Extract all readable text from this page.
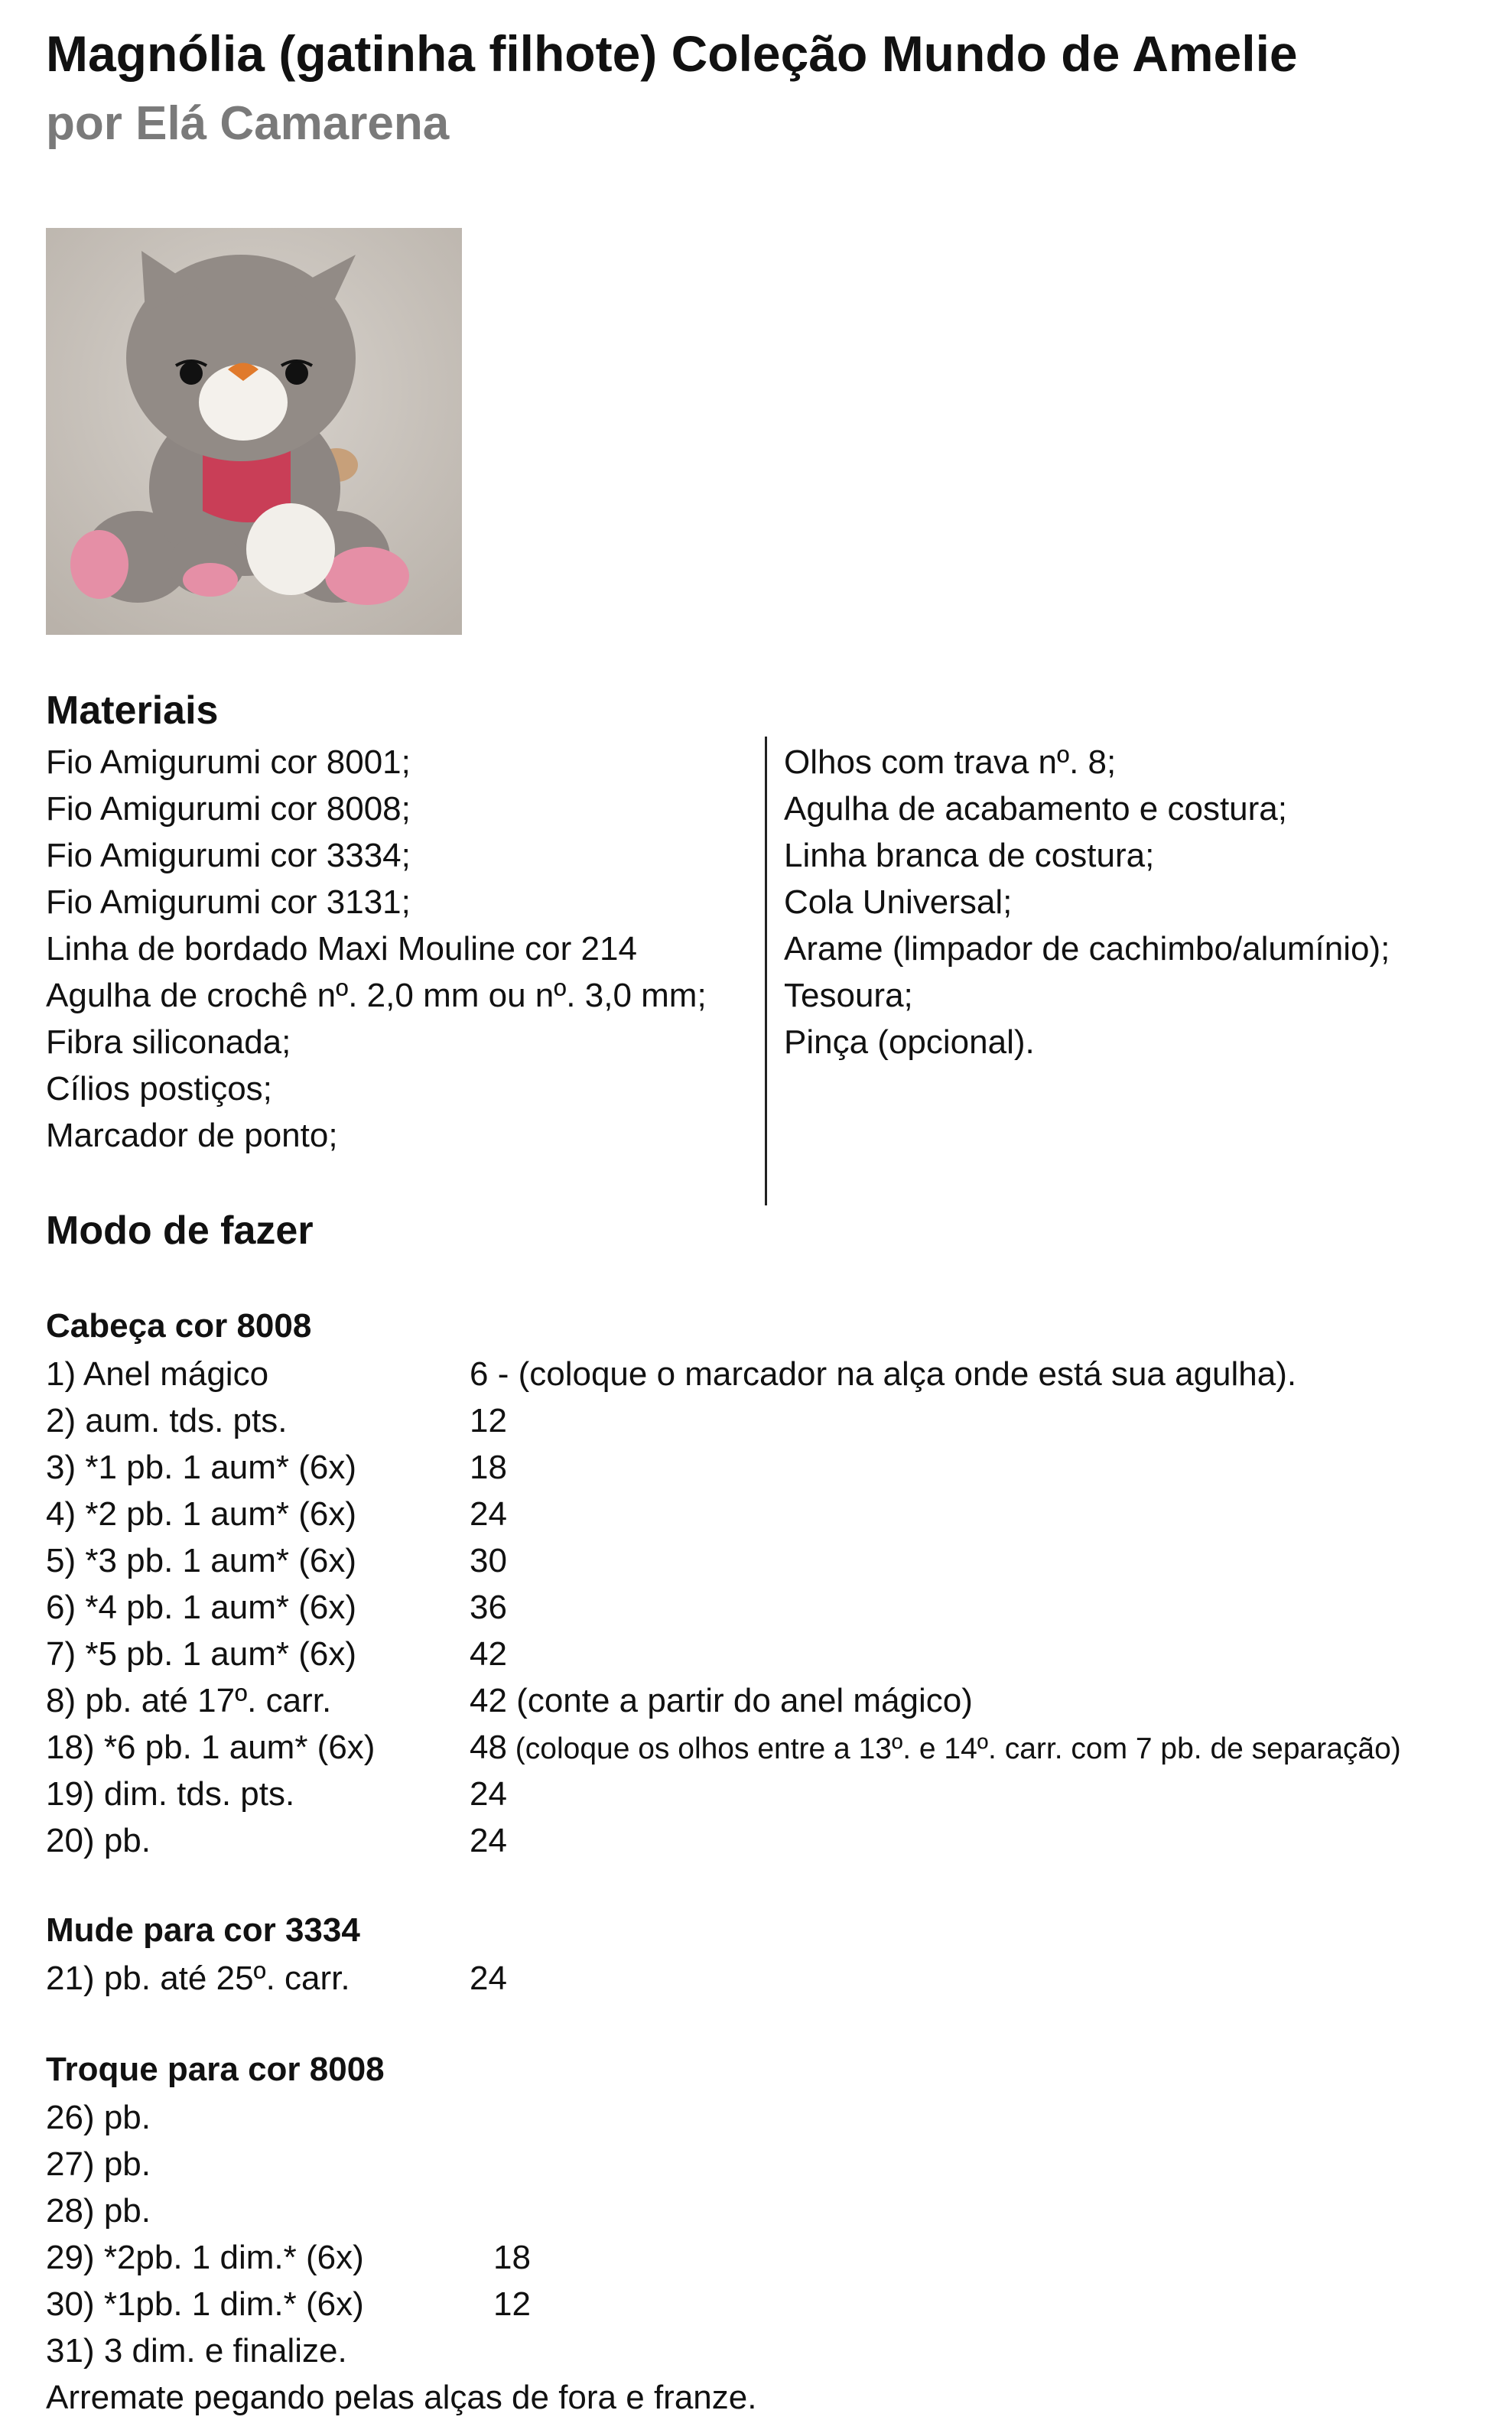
Magnólia (gatinha filhote) Coleção Mundo de Amelie
por Elá Camarena
Materiais
Fio Amigurumi cor 8001;
Fio Amigurumi cor 8008;
Fio Amigurumi cor 3334;
Fio Amigurumi cor 3131;
Linha de bordado Maxi Mouline cor 214
Agulha de crochê nº. 2,0 mm ou nº. 3,0 mm;
Fibra siliconada;
Cílios postiços;
Marcador de ponto;
Olhos com trava nº. 8;
Agulha de acabamento e costura;
Linha branca de costura;
Cola Universal;
Arame (limpador de cachimbo/alumínio);
Tesoura;
Pinça (opcional).
Modo de fazer
Cabeça cor 8008
1) Anel mágico	6 - (coloque o marcador na alça onde está sua agulha).
2) aum. tds. pts.	12
3) *1 pb. 1 aum* (6x)	18
4) *2 pb. 1 aum* (6x)	24
5) *3 pb. 1 aum* (6x)	30
6) *4 pb. 1 aum* (6x)	36
7) *5 pb. 1 aum* (6x)	42
8) pb. até 17º. carr.	42 (conte a partir do anel mágico)
18) *6 pb. 1 aum* (6x)	48 (coloque os olhos entre a 13º. e 14º. carr. com 7 pb. de separação)
19) dim. tds. pts.	24
20) pb.	24
Mude para cor 3334
21) pb. até 25º. carr.	24
Troque para cor 8008
26) pb.
27) pb.
28) pb.
29) *2pb. 1 dim.* (6x)	18
30) *1pb. 1 dim.* (6x)	12
31) 3 dim. e finalize.
Arremate pegando pelas alças de fora e franze.
